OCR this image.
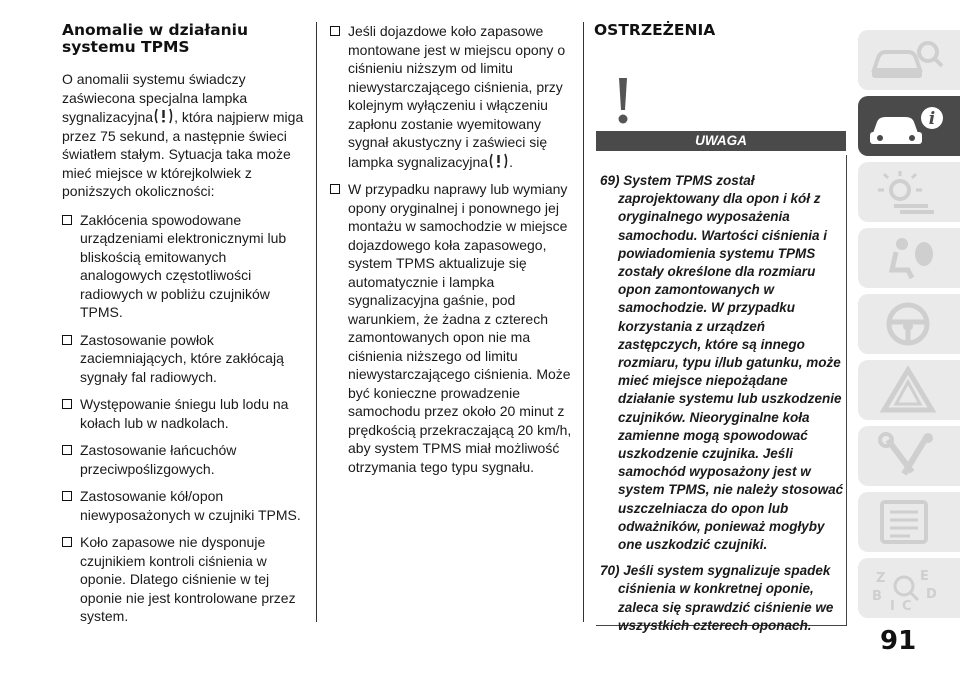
Anomalie w działaniu
systemu TPMS

O anomalii systemu świadczy zaświecona specjalna lampka sygnalizacyjna , która najpierw miga przez 75 sekund, a następnie świeci światłem stałym. Sytuacja taka może mieć miejsce w którejkolwiek z poniższych okoliczności:

Zakłócenia spowodowane urządzeniami elektronicznymi lub bliskością emitowanych analogowych częstotliwości radiowych w pobliżu czujników TPMS.
Zastosowanie powłok zaciemniających, które zakłócają sygnały fal radiowych.
Występowanie śniegu lub lodu na kołach lub w nadkolach.
Zastosowanie łańcuchów przeciwpoślizgowych.
Zastosowanie kół/opon niewyposażonych w czujniki TPMS.
Koło zapasowe nie dysponuje czujnikiem kontroli ciśnienia w oponie. Dlatego ciśnienie w tej oponie nie jest kontrolowane przez system.
Jeśli dojazdowe koło zapasowe montowane jest w miejscu opony o ciśnieniu niższym od limitu niewystarczającego ciśnienia, przy kolejnym wyłączeniu i włączeniu zapłonu zostanie wyemitowany sygnał akustyczny i zaświeci się lampka sygnalizacyjna .
W przypadku naprawy lub wymiany opony oryginalnej i ponownego jej montażu w samochodzie w miejsce dojazdowego koła zapasowego, system TPMS aktualizuje się automatycznie i lampka sygnalizacyjna gaśnie, pod warunkiem, że żadna z czterech zamontowanych opon nie ma ciśnienia niższego od limitu niewystarczającego ciśnienia. Może być konieczne prowadzenie samochodu przez około 20 minut z prędkością przekraczającą 20 km/h, aby system TPMS miał możliwość otrzymania tego typu sygnału.
OSTRZEŻENIA
UWAGA

69) System TPMS został zaprojektowany dla opon i kół z oryginalnego wyposażenia samochodu. Wartości ciśnienia i powiadomienia systemu TPMS zostały określone dla rozmiaru opon zamontowanych w samochodzie. W przypadku korzystania z urządzeń zastępczych, które są innego rozmiaru, typu i/lub gatunku, może mieć miejsce niepożądane działanie systemu lub uszkodzenie czujników. Nieoryginalne koła zamienne mogą spowodować uszkodzenie czujnika. Jeśli samochód wyposażony jest w system TPMS, nie należy stosować uszczelniacza do opon lub odważników, ponieważ mogłyby one uszkodzić czujniki.

70) Jeśli system sygnalizuje spadek ciśnienia w konkretnej oponie, zaleca się sprawdzić ciśnienie we wszystkich czterech oponach.

i
Z	E
B	D
I C
91
